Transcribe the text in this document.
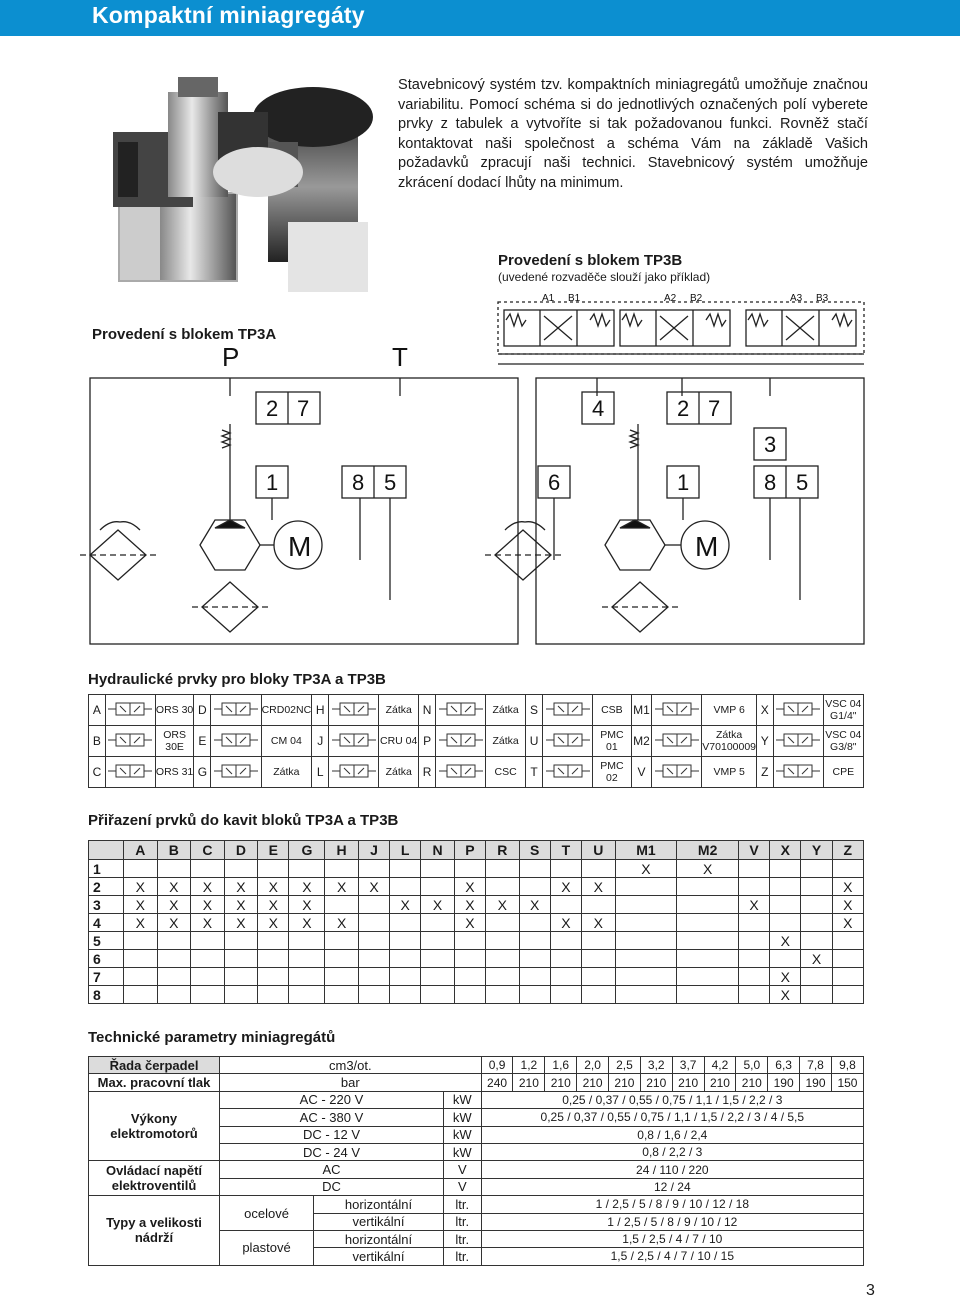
Kompaktní miniagregáty
Stavebnicový systém tzv. kompaktních miniagregátů umožňuje značnou variabilitu. Pomocí schéma si do jednotlivých označených polí vyberete prvky z tabulek a vytvoříte si tak požadovanou funkci. Rovněž stačí kontaktovat naši společnost a schéma Vám na základě Vašich požadavků zpracují naši technici. Stavebnicový systém umožňuje zkrácení dodací lhůty na minimum.
Provedení s blokem TP3B
(uvedené rozvaděče slouží jako příklad)
Provedení s blokem TP3A
P	T
A1 B1	A2 B2	A3 B3
2 7
1	8 5
4	2 7
3
6	1	8 5
M	M
Hydraulické prvky pro bloky TP3A a TP3B
A		ORS 30	D		CRD02NC	H		Zátka	N		Zátka	S		CSB	M1		VMP 6	X		VSC 04 G1/4"
B		ORS 30E	E		CM 04	J		CRU 04	P		Zátka	U		PMC 01	M2		Zátka V70100009	Y		VSC 04 G3/8"
C		ORS 31	G		Zátka	L		Zátka	R		CSC	T		PMC 02	V		VMP 5	Z		CPE
Přiřazení prvků do kavit bloků TP3A a TP3B
	A	B	C	D	E	G	H	J	L	N	P	R	S	T	U	M1	M2	V	X	Y	Z
1																X	X				
2	X	X	X	X	X	X	X	X			X			X	X						X
3	X	X	X	X	X	X			X	X	X	X	X					X			X
4	X	X	X	X	X	X	X				X			X	X						X
5																			X		
6																				X	
7																			X		
8																			X		
Technické parametry miniagregátů
Řada čerpadel	cm3/ot.			0,9	1,2	1,6	2,0	2,5	3,2	3,7	4,2	5,0	6,3	7,8	9,8
Max. pracovní tlak	bar			240	210	210	210	210	210	210	210	210	190	190	150
Výkony elektromotorů	AC - 220 V		kW	0,25 / 0,37 / 0,55 / 0,75 / 1,1 / 1,5 / 2,2 / 3											
	AC - 380 V		kW	0,25 / 0,37 / 0,55 / 0,75 / 1,1 / 1,5 / 2,2 / 3 / 4 / 5,5											
	DC - 12 V		kW	0,8 / 1,6 / 2,4											
	DC - 24 V		kW	0,8 / 2,2 / 3											
Ovládací napětí elektroventilů	AC		V	24 / 110 / 220											
	DC		V	12 / 24											
Typy a velikosti nádrží	ocelové	horizontální	ltr.	1 / 2,5 / 5 / 8 / 9 / 10 / 12 / 18											
		vertikální	ltr.	1 / 2,5 / 5 / 8 / 9 / 10 / 12											
	plastové	horizontální	ltr.	1,5 / 2,5 / 4 / 7 / 10											
		vertikální	ltr.	1,5 / 2,5 / 4 / 7 / 10 / 15											
3
